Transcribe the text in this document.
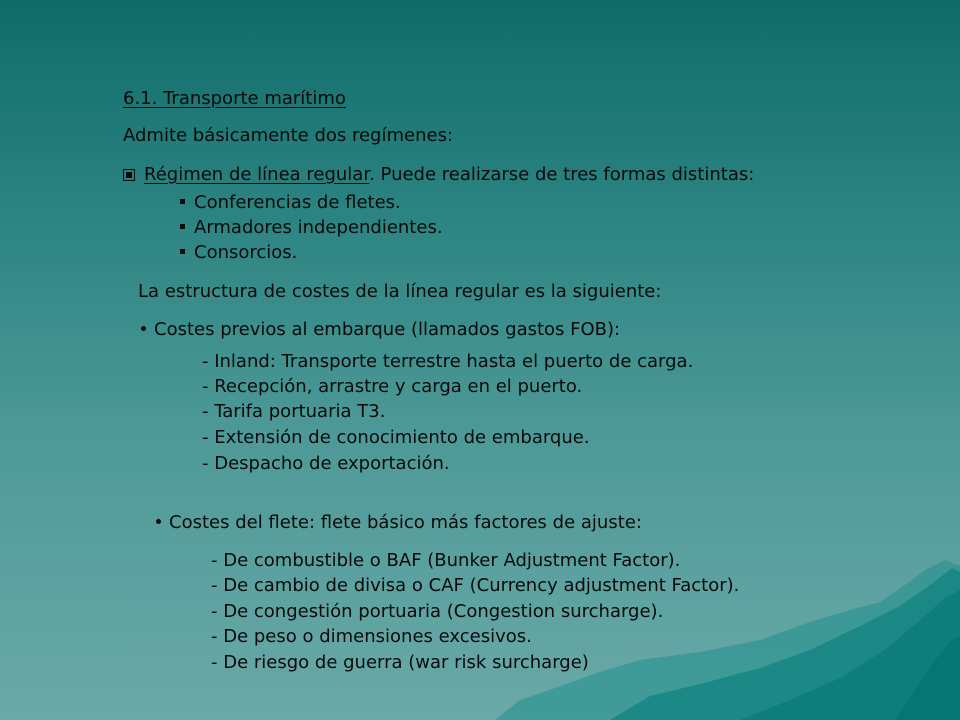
6.1. Transporte marítimo
Admite básicamente dos regímenes:
Régimen de línea regular. Puede realizarse de tres formas distintas:
Conferencias de fletes.
Armadores independientes.
Consorcios.
La estructura de costes de la línea regular es la siguiente:
Costes previos al embarque (llamados gastos FOB):
- Inland: Transporte terrestre hasta el puerto de carga.
- Recepción, arrastre y carga en el puerto.
- Tarifa portuaria T3.
- Extensión de conocimiento de embarque.
- Despacho de exportación.
Costes del flete: flete básico más factores de ajuste:
- De combustible o BAF (Bunker Adjustment Factor).
- De cambio de divisa o CAF (Currency adjustment Factor).
- De congestión portuaria (Congestion surcharge).
- De peso o dimensiones excesivos.
- De riesgo de guerra (war risk surcharge)
